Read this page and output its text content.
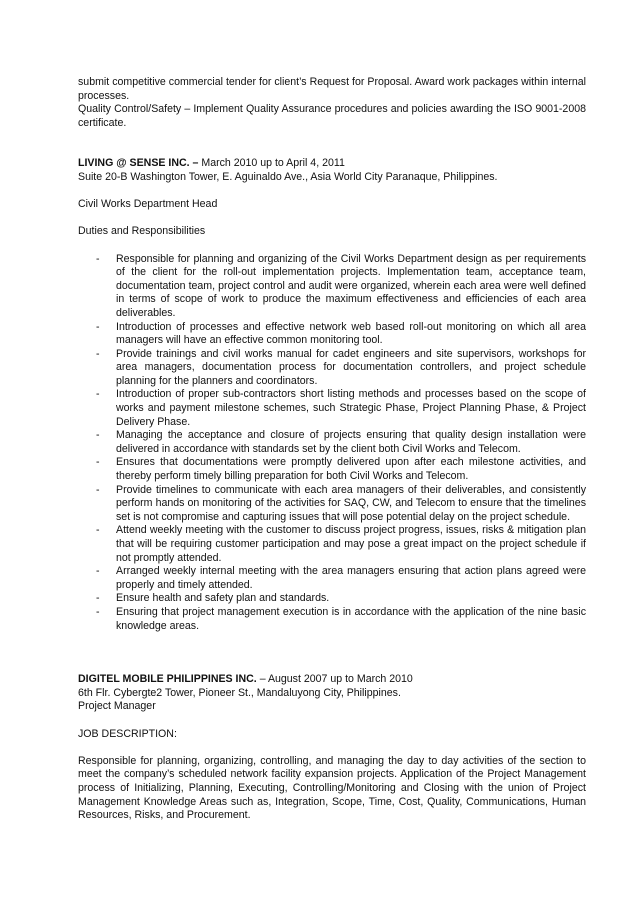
submit competitive commercial tender for client’s Request for Proposal. Award work packages within internal processes.

Quality Control/Safety – Implement Quality Assurance procedures and policies awarding the ISO 9001-2008 certificate.

LIVING @ SENSE INC. – March 2010 up to April 4, 2011

Suite 20-B Washington Tower, E. Aguinaldo Ave., Asia World City Paranaque, Philippines.

Civil Works Department Head

Duties and Responsibilities

- Responsible for planning and organizing of the Civil Works Department design as per requirements of the client for the roll-out implementation projects. Implementation team, acceptance team, documentation team, project control and audit were organized, wherein each area were well defined in terms of scope of work to produce the maximum effectiveness and efficiencies of each area deliverables.
- Introduction of processes and effective network web based roll-out monitoring on which all area managers will have an effective common monitoring tool.
- Provide trainings and civil works manual for cadet engineers and site supervisors, workshops for area managers, documentation process for documentation controllers, and project schedule planning for the planners and coordinators.
- Introduction of proper sub-contractors short listing methods and processes based on the scope of works and payment milestone schemes, such Strategic Phase, Project Planning Phase, & Project Delivery Phase.
- Managing the acceptance and closure of projects ensuring that quality design installation were delivered in accordance with standards set by the client both Civil Works and Telecom.
- Ensures that documentations were promptly delivered upon after each milestone activities, and thereby perform timely billing preparation for both Civil Works and Telecom.
- Provide timelines to communicate with each area managers of their deliverables, and consistently perform hands on monitoring of the activities for SAQ, CW, and Telecom to ensure that the timelines set is not compromise and capturing issues that will pose potential delay on the project schedule.
- Attend weekly meeting with the customer to discuss project progress, issues, risks & mitigation plan that will be requiring customer participation and may pose a great impact on the project schedule if not promptly attended.
- Arranged weekly internal meeting with the area managers ensuring that action plans agreed were properly and timely attended.
- Ensure health and safety plan and standards.
- Ensuring that project management execution is in accordance with the application of the nine basic knowledge areas.

DIGITEL MOBILE PHILIPPINES INC. – August 2007 up to March 2010

6th Flr. Cybergte2 Tower, Pioneer St., Mandaluyong City, Philippines.

Project Manager

JOB DESCRIPTION:

Responsible for planning, organizing, controlling, and managing the day to day activities of the section to meet the company’s scheduled network facility expansion projects. Application of the Project Management process of Initializing, Planning, Executing, Controlling/Monitoring and Closing with the union of Project Management Knowledge Areas such as, Integration, Scope, Time, Cost, Quality, Communications, Human Resources, Risks, and Procurement.
